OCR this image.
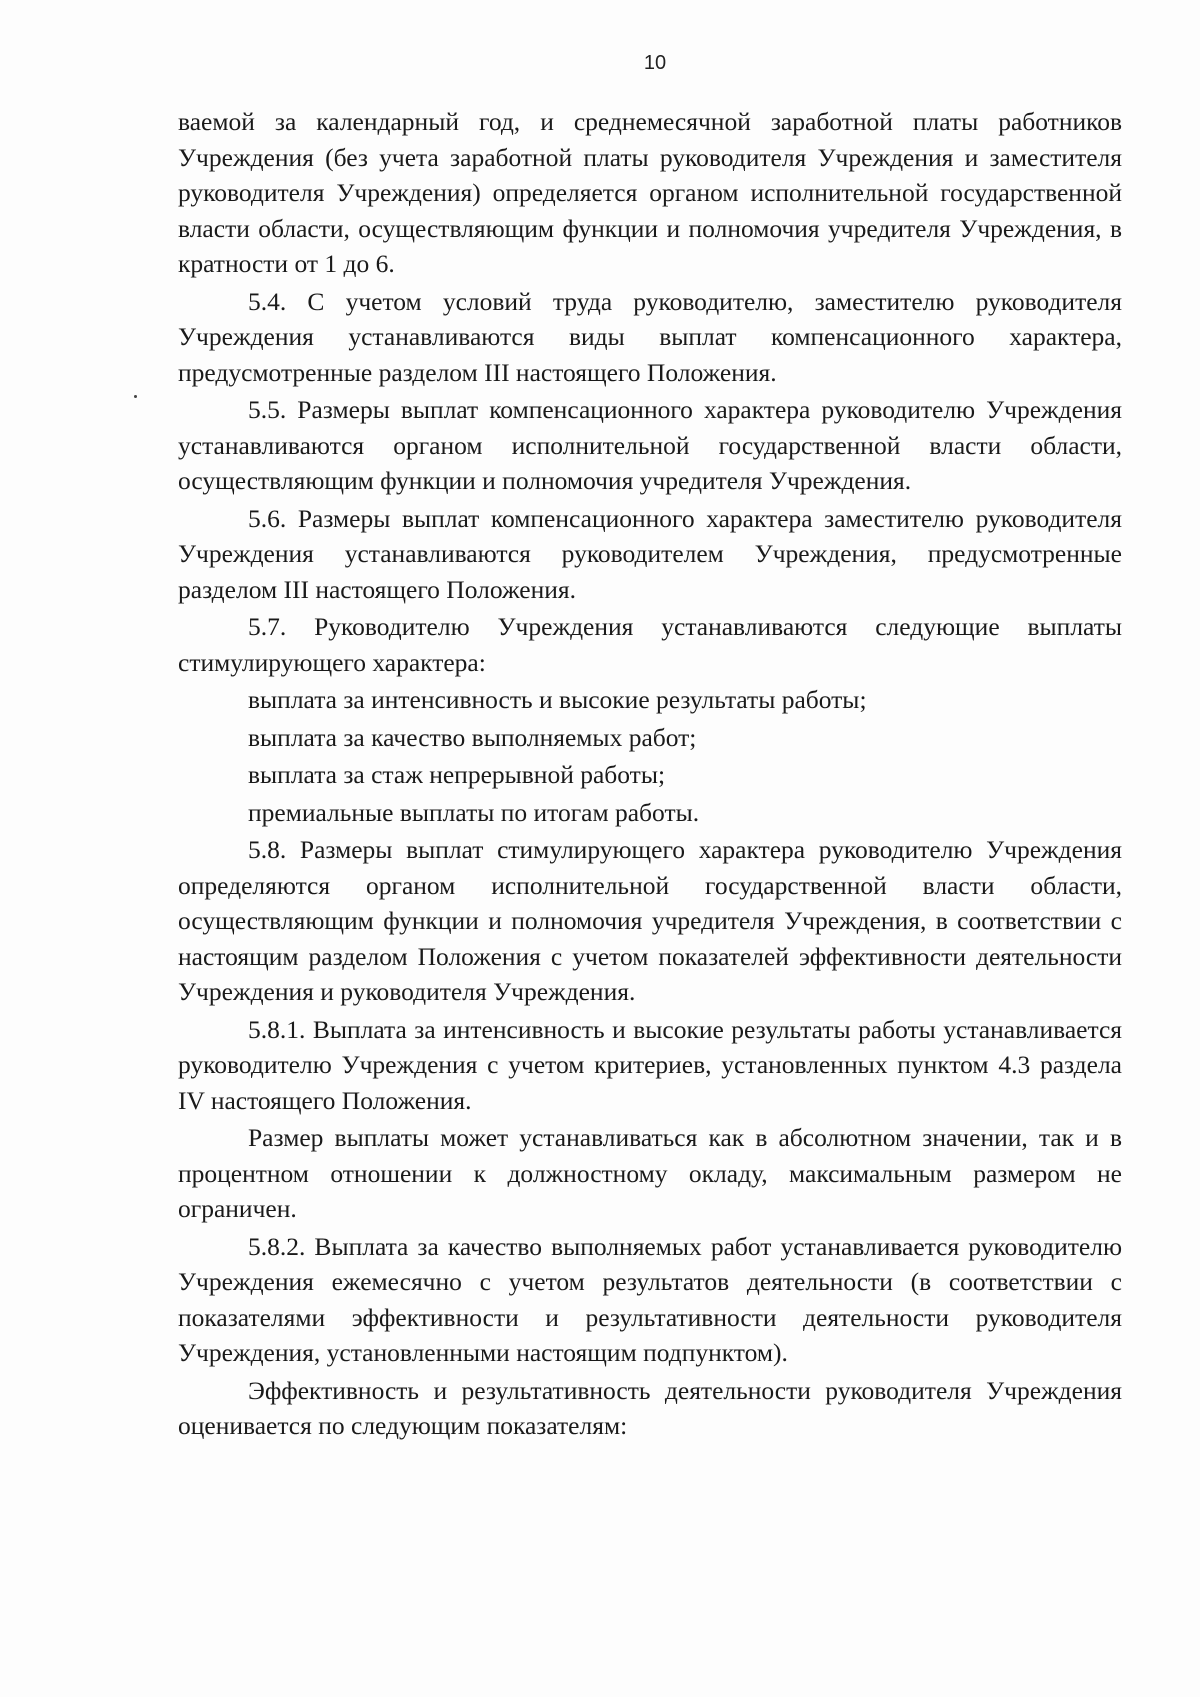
10

ваемой за календарный год, и среднемесячной заработной платы работников Учреждения (без учета заработной платы руководителя Учреждения и заместителя руководителя Учреждения) определяется органом исполнительной государственной власти области, осуществляющим функции и полномочия учредителя Учреждения, в кратности от 1 до 6.

5.4. С учетом условий труда руководителю, заместителю руководителя Учреждения устанавливаются виды выплат компенсационного характера, предусмотренные разделом III настоящего Положения.

5.5. Размеры выплат компенсационного характера руководителю Учреждения устанавливаются органом исполнительной государственной власти области, осуществляющим функции и полномочия учредителя Учреждения.

5.6. Размеры выплат компенсационного характера заместителю руководителя Учреждения устанавливаются руководителем Учреждения, предусмотренные разделом III настоящего Положения.

5.7. Руководителю Учреждения устанавливаются следующие выплаты стимулирующего характера:

выплата за интенсивность и высокие результаты работы;

выплата за качество выполняемых работ;

выплата за стаж непрерывной работы;

премиальные выплаты по итогам работы.

5.8. Размеры выплат стимулирующего характера руководителю Учреждения определяются органом исполнительной государственной власти области, осуществляющим функции и полномочия учредителя Учреждения, в соответствии с настоящим разделом Положения с учетом показателей эффективности деятельности Учреждения и руководителя Учреждения.

5.8.1. Выплата за интенсивность и высокие результаты работы устанавливается руководителю Учреждения с учетом критериев, установленных пунктом 4.3 раздела IV настоящего Положения.

Размер выплаты может устанавливаться как в абсолютном значении, так и в процентном отношении к должностному окладу, максимальным размером не ограничен.

5.8.2. Выплата за качество выполняемых работ устанавливается руководителю Учреждения ежемесячно с учетом результатов деятельности (в соответствии с показателями эффективности и результативности деятельности руководителя Учреждения, установленными настоящим подпунктом).

Эффективность и результативность деятельности руководителя Учреждения оценивается по следующим показателям:
